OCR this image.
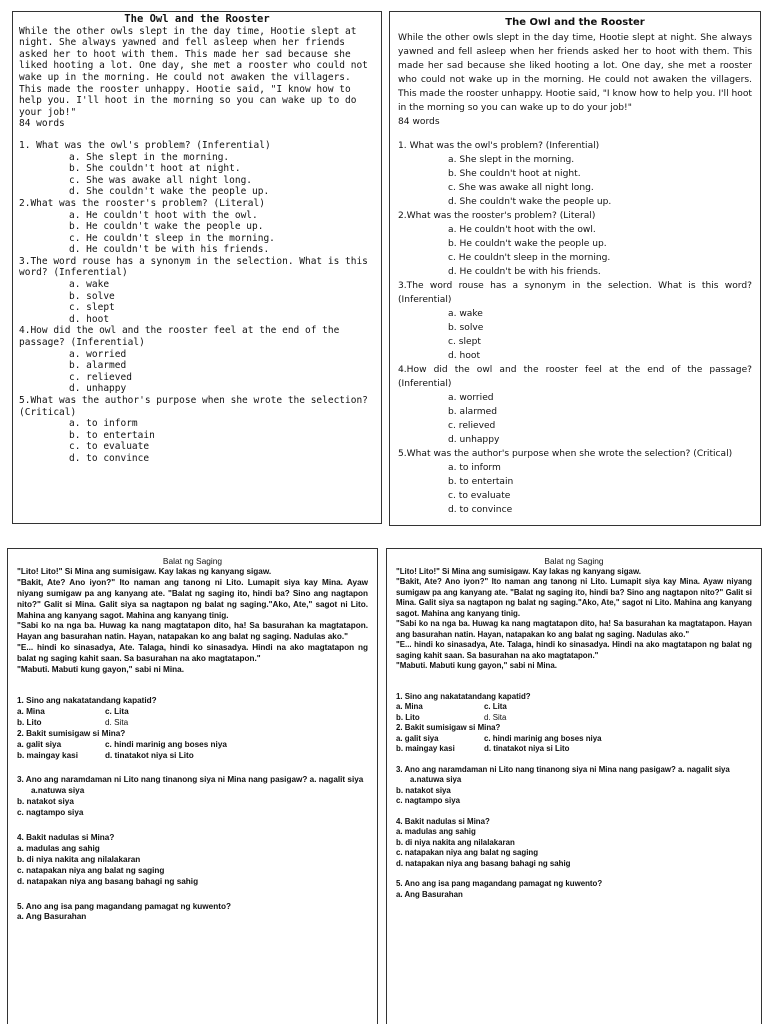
The Owl and the Rooster

While the other owls slept in the day time, Hootie slept at night. She always yawned and fell asleep when her friends asked her to hoot with them. This made her sad because she liked hooting a lot. One day, she met a rooster who could not wake up in the morning. He could not awaken the villagers. This made the rooster unhappy. Hootie said, "I know how to help you. I'll hoot in the morning so you can wake up to do your job!"

84 words

1. What was the owl's problem? (Inferential)

a. She slept in the morning.

b. She couldn't hoot at night.

c. She was awake all night long.

d. She couldn't wake the people up.

2.What was the rooster's problem? (Literal)

a. He couldn't hoot with the owl.

b. He couldn't wake the people up.

c. He couldn't sleep in the morning.

d. He couldn't be with his friends.

3.The word rouse has a synonym in the selection. What is this word? (Inferential)

a. wake

b. solve

c. slept

d. hoot

4.How did the owl and the rooster feel at the end of the passage? (Inferential)

a. worried

b. alarmed

c. relieved

d. unhappy

5.What was the author's purpose when she wrote the selection? (Critical)

a. to inform

b. to entertain

c. to evaluate

d. to convince

The Owl and the Rooster

While the other owls slept in the day time, Hootie slept at night. She always yawned and fell asleep when her friends asked her to hoot with them. This made her sad because she liked hooting a lot. One day, she met a rooster who could not wake up in the morning. He could not awaken the villagers. This made the rooster unhappy. Hootie said, "I know how to help you. I'll hoot in the morning so you can wake up to do your job!"

84 words

1. What was the owl's problem? (Inferential)

a. She slept in the morning.

b. She couldn't hoot at night.

c. She was awake all night long.

d. She couldn't wake the people up.

2.What was the rooster's problem? (Literal)

a. He couldn't hoot with the owl.

b. He couldn't wake the people up.

c. He couldn't sleep in the morning.

d. He couldn't be with his friends.

3.The word rouse has a synonym in the selection. What is this word? (Inferential)

a. wake

b. solve

c. slept

d. hoot

4.How did the owl and the rooster feel at the end of the passage? (Inferential)

a. worried

b. alarmed

c. relieved

d. unhappy

5.What was the author's purpose when she wrote the selection? (Critical)

a. to inform

b. to entertain

c. to evaluate

d. to convince

Balat ng Saging

"Lito! Lito!" Si Mina ang sumisigaw. Kay lakas ng kanyang sigaw.

"Bakit, Ate? Ano iyon?" Ito naman ang tanong ni Lito. Lumapit siya kay Mina. Ayaw niyang sumigaw pa ang kanyang ate. "Balat ng saging ito, hindi ba? Sino ang nagtapon nito?" Galit si Mina. Galit siya sa nagtapon ng balat ng saging."Ako, Ate," sagot ni Lito. Mahina ang kanyang sagot. Mahina ang kanyang tinig.

"Sabi ko na nga ba. Huwag ka nang magtatapon dito, ha! Sa basurahan ka magtatapon. Hayan ang basurahan natin. Hayan, natapakan ko ang balat ng saging. Nadulas ako."

"E... hindi ko sinasadya, Ate. Talaga, hindi ko sinasadya. Hindi na ako magtatapon ng balat ng saging kahit saan. Sa basurahan na ako magtatapon."

"Mabuti. Mabuti kung gayon," sabi ni Mina.

1. Sino ang nakatatandang kapatid?

a. Mina	c. Lita
b. Lito	d. Sita

2. Bakit sumisigaw si Mina?

a. galit siya	c. hindi marinig ang boses niya
b. maingay kasi	d. tinatakot niya si Lito

3. Ano ang naramdaman ni Lito nang tinanong siya ni Mina nang pasigaw? a. nagalit siya

a.natuwa siya

b. natakot siya

c. nagtampo siya

4. Bakit nadulas si Mina?

a. madulas ang sahig

b. di niya nakita ang nilalakaran

c. natapakan niya ang balat ng saging

d. natapakan niya ang basang bahagi ng sahig

5. Ano ang isa pang magandang pamagat ng kuwento?

a. Ang Basurahan

Balat ng Saging

"Lito! Lito!" Si Mina ang sumisigaw. Kay lakas ng kanyang sigaw.

"Bakit, Ate? Ano iyon?" Ito naman ang tanong ni Lito. Lumapit siya kay Mina. Ayaw niyang sumigaw pa ang kanyang ate. "Balat ng saging ito, hindi ba? Sino ang nagtapon nito?" Galit si Mina. Galit siya sa nagtapon ng balat ng saging."Ako, Ate," sagot ni Lito. Mahina ang kanyang sagot. Mahina ang kanyang tinig.

"Sabi ko na nga ba. Huwag ka nang magtatapon dito, ha! Sa basurahan ka magtatapon. Hayan ang basurahan natin. Hayan, natapakan ko ang balat ng saging. Nadulas ako."

"E... hindi ko sinasadya, Ate. Talaga, hindi ko sinasadya. Hindi na ako magtatapon ng balat ng saging kahit saan. Sa basurahan na ako magtatapon."

"Mabuti. Mabuti kung gayon," sabi ni Mina.

1. Sino ang nakatatandang kapatid?

a. Mina	c. Lita
b. Lito	d. Sita

2. Bakit sumisigaw si Mina?

a. galit siya	c. hindi marinig ang boses niya
b. maingay kasi	d. tinatakot niya si Lito

3. Ano ang naramdaman ni Lito nang tinanong siya ni Mina nang pasigaw? a. nagalit siya

a.natuwa siya

b. natakot siya

c. nagtampo siya

4. Bakit nadulas si Mina?

a. madulas ang sahig

b. di niya nakita ang nilalakaran

c. natapakan niya ang balat ng saging

d. natapakan niya ang basang bahagi ng sahig

5. Ano ang isa pang magandang pamagat ng kuwento?

a. Ang Basurahan
